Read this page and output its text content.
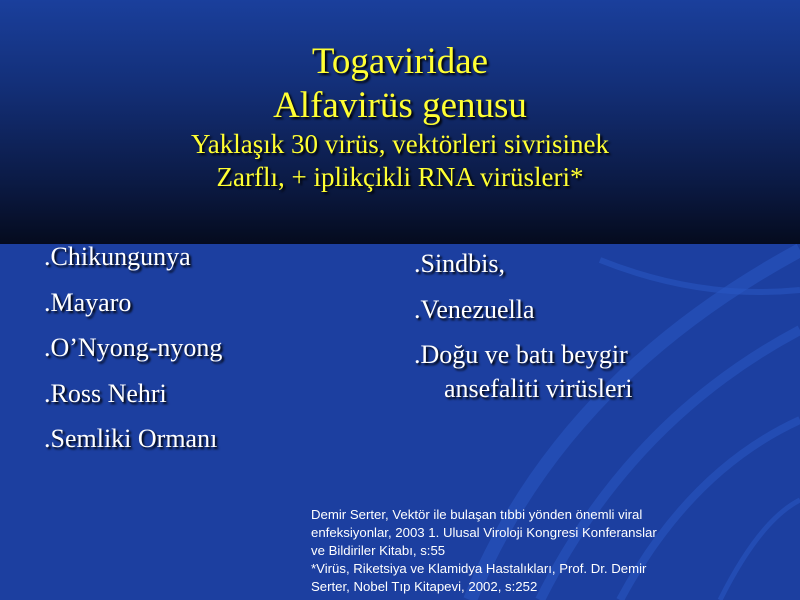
Togaviridae
Alfavirüs genusu
Yaklaşık 30 virüs, vektörleri sivrisinek
Zarflı, + iplikçikli RNA virüsleri*
.Chikungunya
.Mayaro
.O’Nyong-nyong
.Ross Nehri
.Semliki Ormanı
.Sindbis,
.Venezuella
.Doğu ve batı beygir
ansefaliti virüsleri
Demir Serter, Vektör ile bulaşan tıbbi yönden önemli viral
enfeksiyonlar, 2003 1. Ulusal Viroloji Kongresi Konferanslar
ve Bildiriler Kitabı, s:55
*Virüs, Riketsiya ve Klamidya Hastalıkları, Prof. Dr. Demir
Serter, Nobel Tıp Kitapevi, 2002, s:252
